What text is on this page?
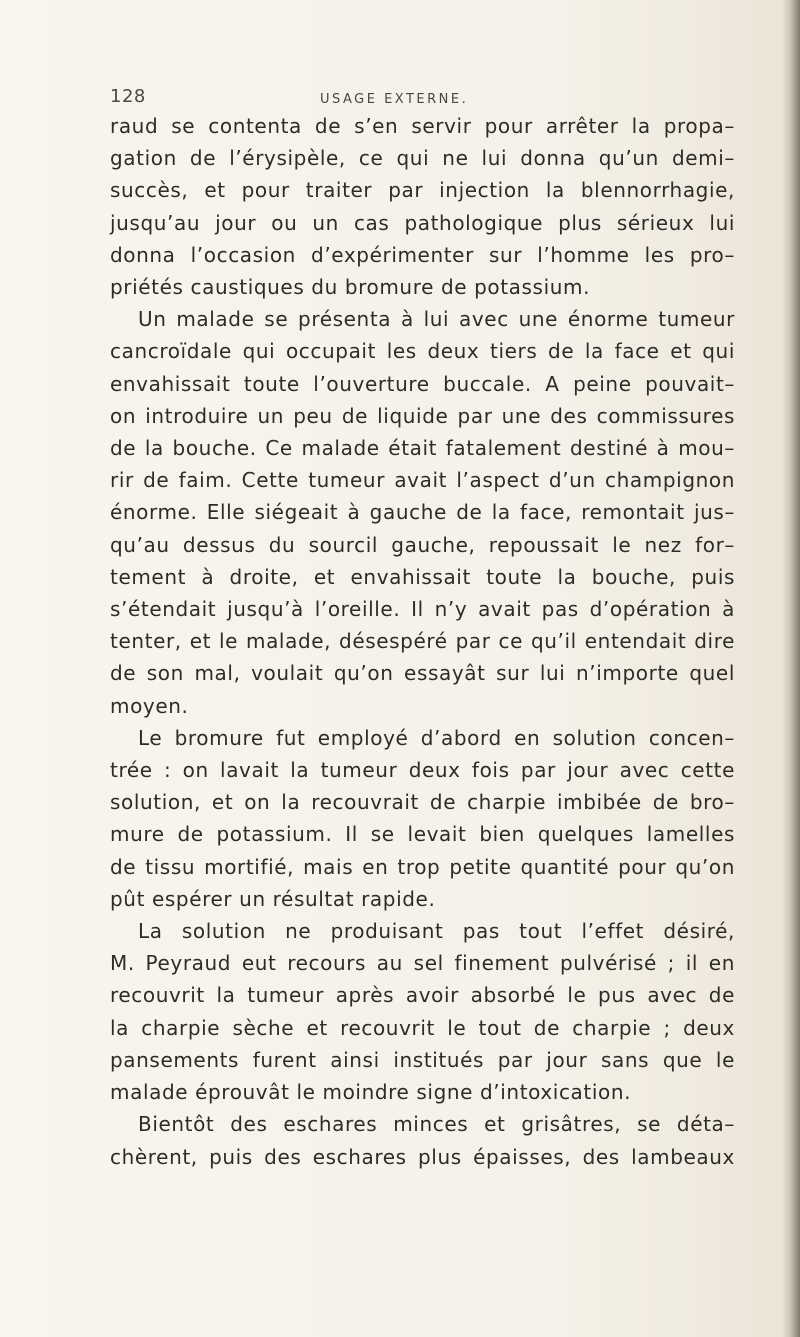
128	USAGE EXTERNE.
raud se contenta de s’en servir pour arrêter la propa–
gation de l’érysipèle, ce qui ne lui donna qu’un demi–
succès, et pour traiter par injection la blennorrhagie,
jusqu’au jour ou un cas pathologique plus sérieux lui
donna l’occasion d’expérimenter sur l’homme les pro–
priétés caustiques du bromure de potassium.
Un malade se présenta à lui avec une énorme tumeur
cancroïdale qui occupait les deux tiers de la face et qui
envahissait toute l’ouverture buccale. A peine pouvait–
on introduire un peu de liquide par une des commissures
de la bouche. Ce malade était fatalement destiné à mou–
rir de faim. Cette tumeur avait l’aspect d’un champignon
énorme. Elle siégeait à gauche de la face, remontait jus–
qu’au dessus du sourcil gauche, repoussait le nez for–
tement à droite, et envahissait toute la bouche, puis
s’étendait jusqu’à l’oreille. Il n’y avait pas d’opération à
tenter, et le malade, désespéré par ce qu’il entendait dire
de son mal, voulait qu’on essayât sur lui n’importe quel
moyen.
Le bromure fut employé d’abord en solution concen–
trée : on lavait la tumeur deux fois par jour avec cette
solution, et on la recouvrait de charpie imbibée de bro–
mure de potassium. Il se levait bien quelques lamelles
de tissu mortifié, mais en trop petite quantité pour qu’on
pût espérer un résultat rapide.
La solution ne produisant pas tout l’effet désiré,
M. Peyraud eut recours au sel finement pulvérisé ; il en
recouvrit la tumeur après avoir absorbé le pus avec de
la charpie sèche et recouvrit le tout de charpie ; deux
pansements furent ainsi institués par jour sans que le
malade éprouvât le moindre signe d’intoxication.
Bientôt des eschares minces et grisâtres, se déta–
chèrent, puis des eschares plus épaisses, des lambeaux
